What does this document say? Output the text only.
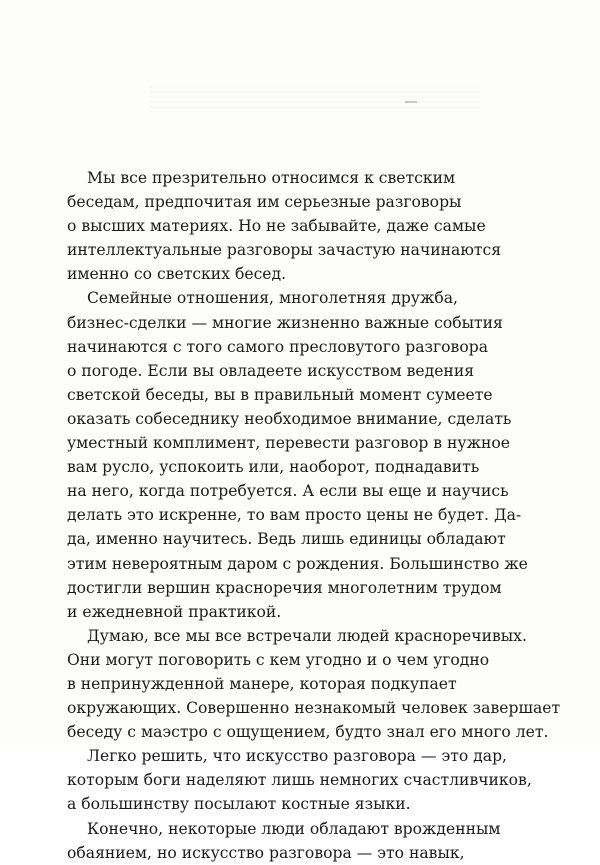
Мы все презрительно относимся к светским
беседам, предпочитая им серьезные разговоры
о высших материях. Но не забывайте, даже самые
интеллектуальные разговоры зачастую начинаются
именно со светских бесед.
Семейные отношения, многолетняя дружба,
бизнес-сделки — многие жизненно важные события
начинаются с того самого пресловутого разговора
о погоде. Если вы овладеете искусством ведения
светской беседы, вы в правильный момент сумеете
оказать собеседнику необходимое внимание, сделать
уместный комплимент, перевести разговор в нужное
вам русло, успокоить или, наоборот, поднадавить
на него, когда потребуется. А если вы еще и научись
делать это искренне, то вам просто цены не будет. Да-
да, именно научитесь. Ведь лишь единицы обладают
этим невероятным даром с рождения. Большинство же
достигли вершин красноречия многолетним трудом
и ежедневной практикой.
Думаю, все мы все встречали людей красноречивых.
Они могут поговорить с кем угодно и о чем угодно
в непринужденной манере, которая подкупает
окружающих. Совершенно незнакомый человек завершает
беседу с маэстро с ощущением, будто знал его много лет.
Легко решить, что искусство разговора — это дар,
которым боги наделяют лишь немногих счастливчиков,
а большинству посылают костные языки.
Конечно, некоторые люди обладают врожденным
обаянием, но искусство разговора — это навык,
